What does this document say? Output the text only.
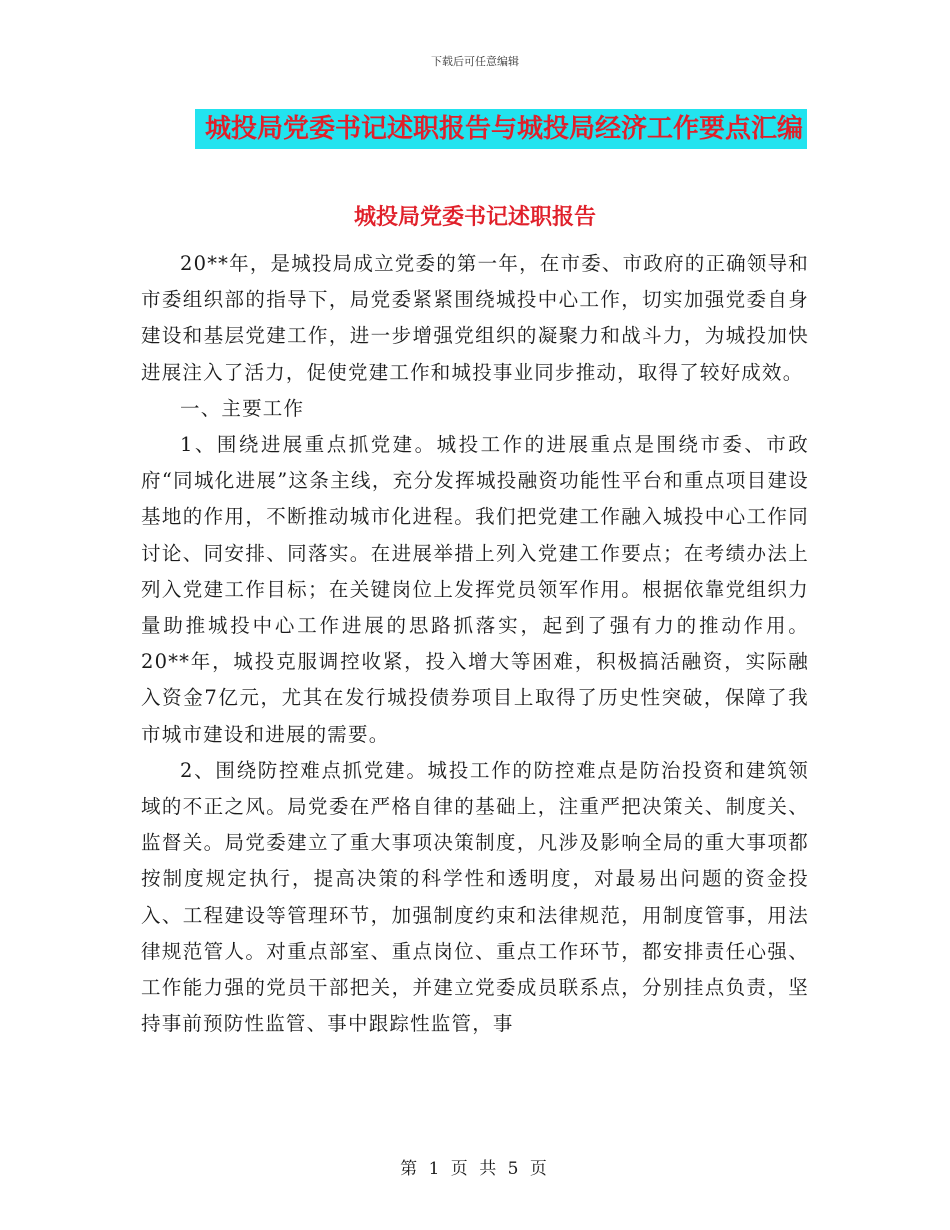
下载后可任意编辑
城投局党委书记述职报告与城投局经济工作要点汇编
城投局党委书记述职报告

20**年，是城投局成立党委的第一年，在市委、市政府的正确领导和市委组织部的指导下，局党委紧紧围绕城投中心工作，切实加强党委自身建设和基层党建工作，进一步增强党组织的凝聚力和战斗力，为城投加快进展注入了活力，促使党建工作和城投事业同步推动，取得了较好成效。

一、主要工作

1、围绕进展重点抓党建。城投工作的进展重点是围绕市委、市政府“同城化进展”这条主线，充分发挥城投融资功能性平台和重点项目建设基地的作用，不断推动城市化进程。我们把党建工作融入城投中心工作同讨论、同安排、同落实。在进展举措上列入党建工作要点；在考绩办法上列入党建工作目标；在关键岗位上发挥党员领军作用。根据依靠党组织力量助推城投中心工作进展的思路抓落实，起到了强有力的推动作用。20**年，城投克服调控收紧，投入增大等困难，积极搞活融资，实际融入资金7亿元，尤其在发行城投债券项目上取得了历史性突破，保障了我市城市建设和进展的需要。

2、围绕防控难点抓党建。城投工作的防控难点是防治投资和建筑领域的不正之风。局党委在严格自律的基础上，注重严把决策关、制度关、监督关。局党委建立了重大事项决策制度，凡涉及影响全局的重大事项都按制度规定执行，提高决策的科学性和透明度，对最易出问题的资金投入、工程建设等管理环节，加强制度约束和法律规范，用制度管事，用法律规范管人。对重点部室、重点岗位、重点工作环节，都安排责任心强、工作能力强的党员干部把关，并建立党委成员联系点，分别挂点负责，坚持事前预防性监管、事中跟踪性监管，事

第 1 页 共 5 页
